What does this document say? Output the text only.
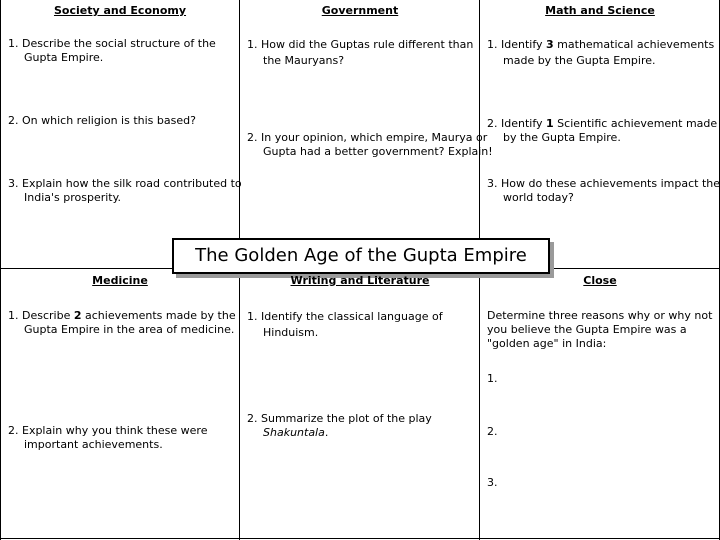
Society and Economy
1. Describe the social structure of the Gupta Empire.
2. On which religion is this based?
3. Explain how the silk road contributed to India's prosperity.
Government
1. How did the Guptas rule different than the Mauryans?
2. In your opinion, which empire, Maurya or Gupta had a better government? Explain!
Math and Science
1. Identify 3 mathematical achievements made by the Gupta Empire.
2. Identify 1 Scientific achievement made by the Gupta Empire.
3. How do these achievements impact the world today?
The Golden Age of the Gupta Empire
Medicine
1. Describe 2 achievements made by the Gupta Empire in the area of medicine.
2. Explain why you think these were important achievements.
Writing and Literature
1. Identify the classical language of Hinduism.
2. Summarize the plot of the play Shakuntala.
Close
Determine three reasons why or why not you believe the Gupta Empire was a "golden age" in India:
1.
2.
3.
